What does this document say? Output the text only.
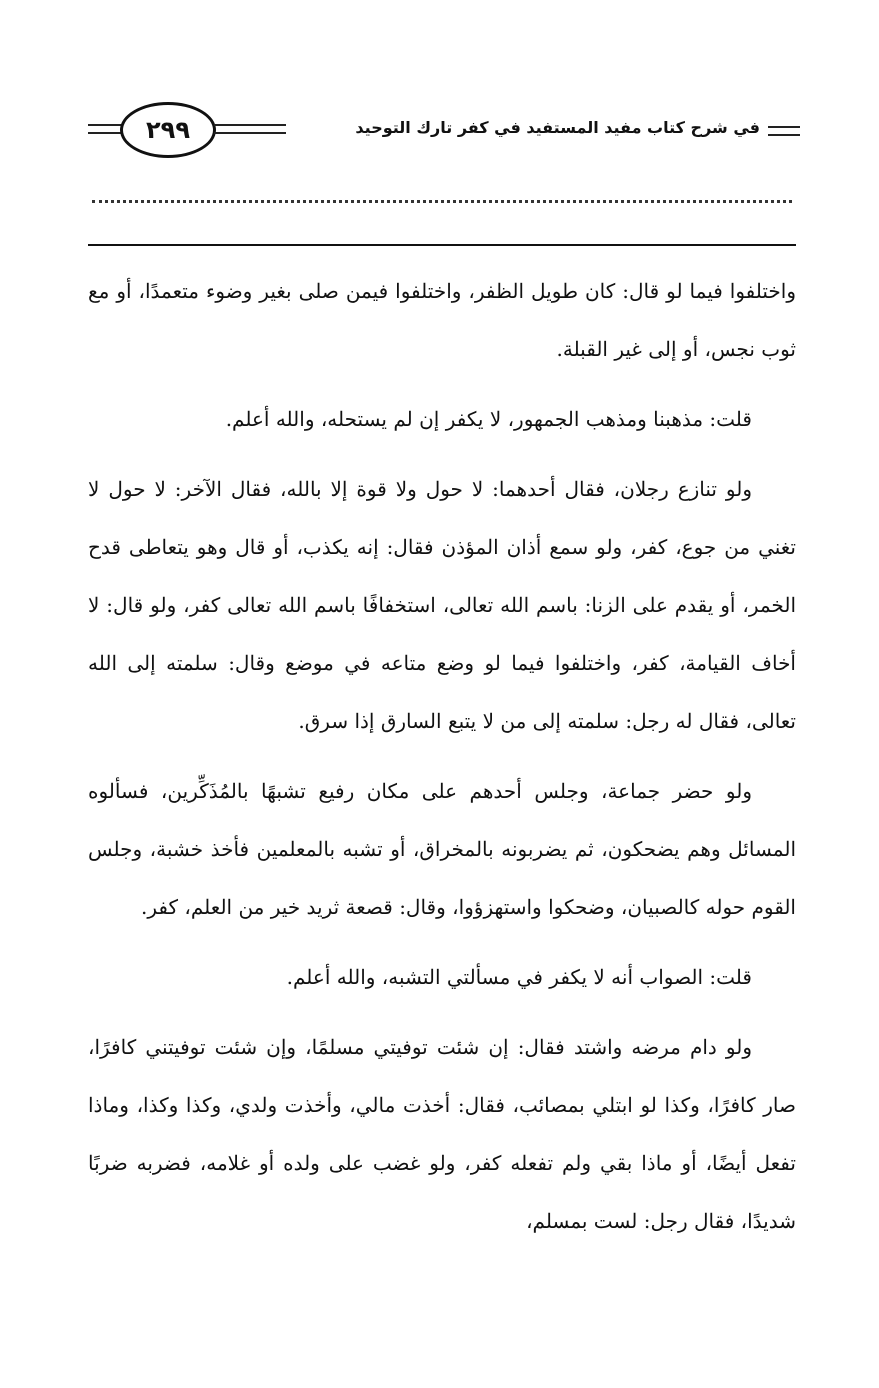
٢٩٩	في شرح كتاب مفيد المستفيد في كفر تارك التوحيد

واختلفوا فيما لو قال: كان طويل الظفر، واختلفوا فيمن صلى بغير وضوء متعمدًا، أو مع ثوب نجس، أو إلى غير القبلة.

قلت: مذهبنا ومذهب الجمهور، لا يكفر إن لم يستحله، والله أعلم.

ولو تنازع رجلان، فقال أحدهما: لا حول ولا قوة إلا بالله، فقال الآخر: لا حول لا تغني من جوع، كفر، ولو سمع أذان المؤذن فقال: إنه يكذب، أو قال وهو يتعاطى قدح الخمر، أو يقدم على الزنا: باسم الله تعالى، استخفافًا باسم الله تعالى كفر، ولو قال: لا أخاف القيامة، كفر، واختلفوا فيما لو وضع متاعه في موضع وقال: سلمته إلى الله تعالى، فقال له رجل: سلمته إلى من لا يتبع السارق إذا سرق.

ولو حضر جماعة، وجلس أحدهم على مكان رفيع تشبهًا بالمُذَكِّرين، فسألوه المسائل وهم يضحكون، ثم يضربونه بالمخراق، أو تشبه بالمعلمين فأخذ خشبة، وجلس القوم حوله كالصبيان، وضحكوا واستهزؤوا، وقال: قصعة ثريد خير من العلم، كفر.

قلت: الصواب أنه لا يكفر في مسألتي التشبه، والله أعلم.

ولو دام مرضه واشتد فقال: إن شئت توفيتي مسلمًا، وإن شئت توفيتني كافرًا، صار كافرًا، وكذا لو ابتلي بمصائب، فقال: أخذت مالي، وأخذت ولدي، وكذا وكذا، وماذا تفعل أيضًا، أو ماذا بقي ولم تفعله كفر، ولو غضب على ولده أو غلامه، فضربه ضربًا شديدًا، فقال رجل: لست بمسلم،
